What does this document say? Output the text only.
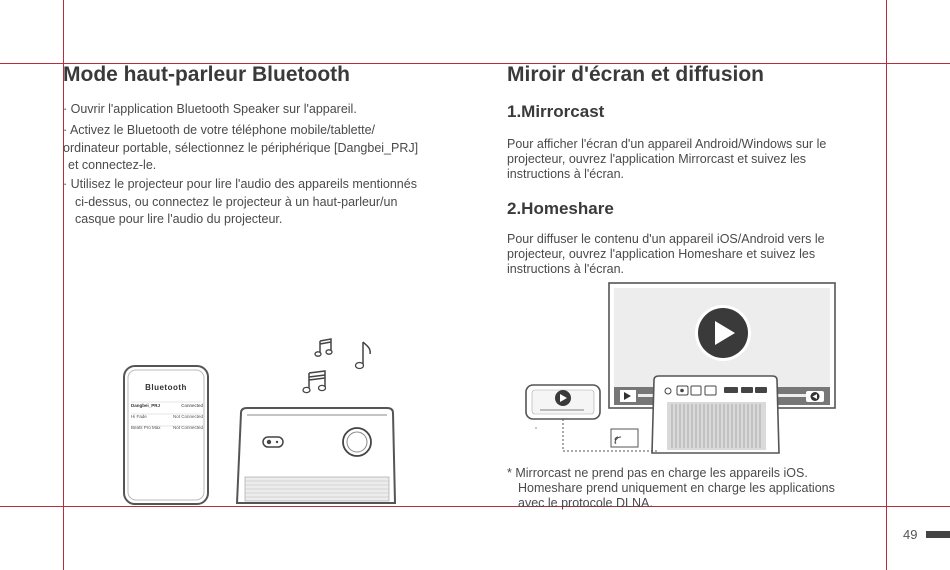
Mode haut-parleur Bluetooth
· Ouvrir l'application Bluetooth Speaker sur l'appareil.
· Activez le Bluetooth de votre téléphone mobile/tablette/
ordinateur portable, sélectionnez le périphérique [Dangbei_PRJ]
et connectez-le.
· Utilisez le projecteur pour lire l'audio des appareils mentionnés
ci-dessus, ou connectez le projecteur à un haut-parleur/un
casque pour lire l'audio du projecteur.
Bluetooth
Dangbei_PRJ	Connected
Hi Fade	Not Connected
Beats Pro Max	Not Connected
Miroir d'écran et diffusion
1.Mirrorcast
Pour afficher l'écran d'un appareil Android/Windows sur le
projecteur, ouvrez l'application Mirrorcast et suivez les
instructions à l'écran.
2.Homeshare
Pour diffuser le contenu d'un appareil iOS/Android vers le
projecteur, ouvrez l'application Homeshare et suivez les
instructions à l'écran.
* Mirrorcast ne prend pas en charge les appareils iOS.
Homeshare prend uniquement en charge les applications
avec le protocole DLNA.
49
